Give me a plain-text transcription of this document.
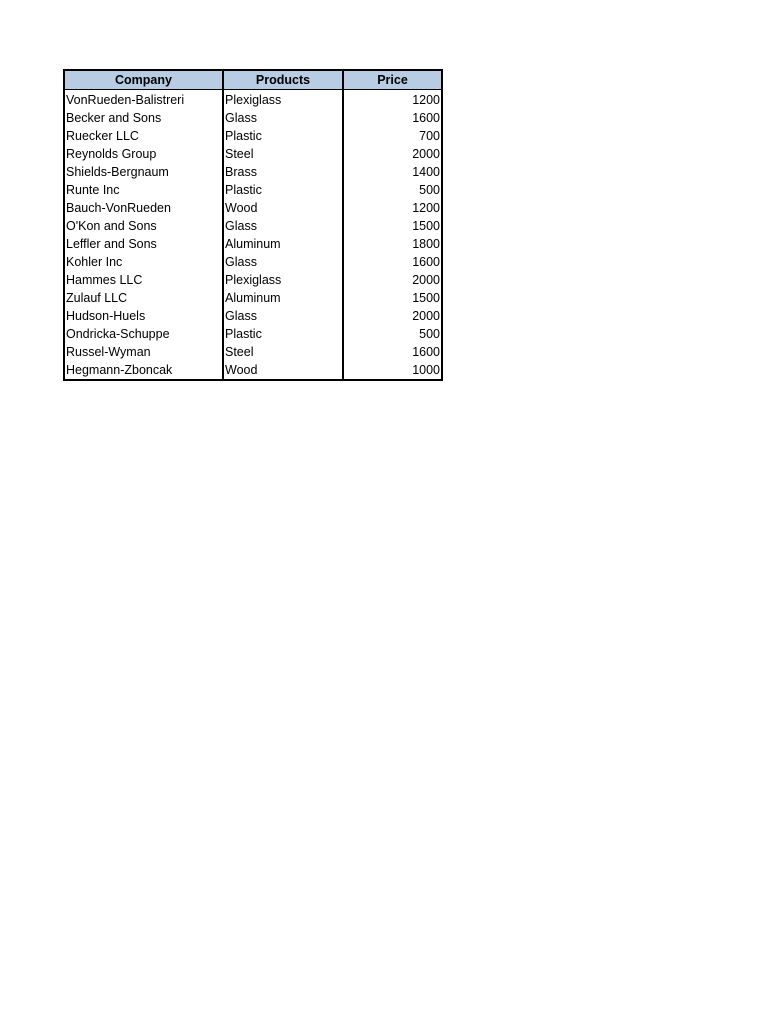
Company	Products	Price
VonRueden-Balistreri	Plexiglass	1200
Becker and Sons	Glass	1600
Ruecker LLC	Plastic	700
Reynolds Group	Steel	2000
Shields-Bergnaum	Brass	1400
Runte Inc	Plastic	500
Bauch-VonRueden	Wood	1200
O'Kon and Sons	Glass	1500
Leffler and Sons	Aluminum	1800
Kohler Inc	Glass	1600
Hammes LLC	Plexiglass	2000
Zulauf LLC	Aluminum	1500
Hudson-Huels	Glass	2000
Ondricka-Schuppe	Plastic	500
Russel-Wyman	Steel	1600
Hegmann-Zboncak	Wood	1000
